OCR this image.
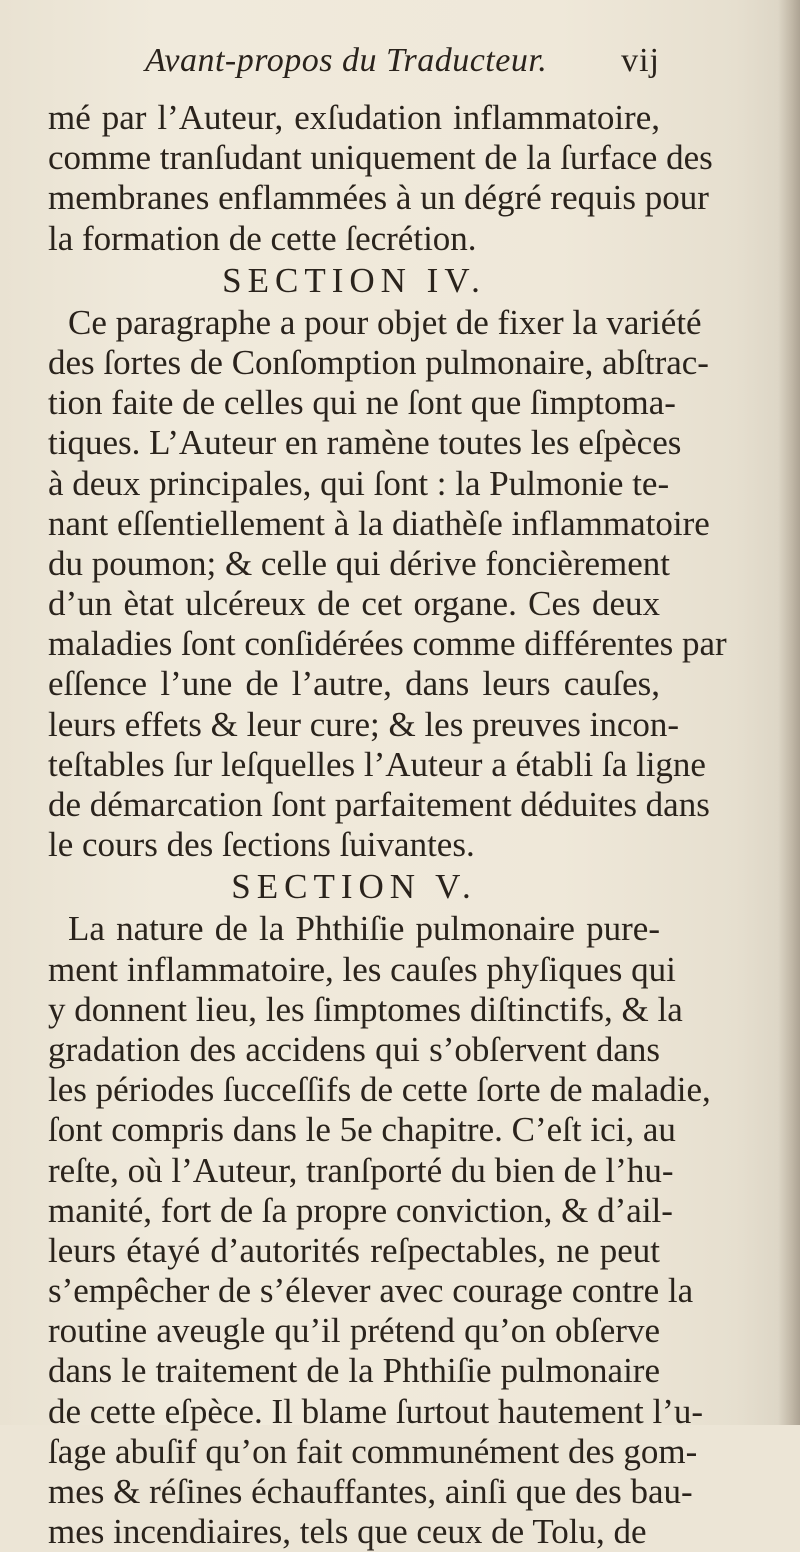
Avant-propos du Traducteur. vij
mé par l’Auteur, exſudation inflammatoire,
comme tranſudant uniquement de la ſurface des
membranes enflammées à un dégré requis pour
la formation de cette ſecrétion.
SECTION IV.
Ce paragraphe a pour objet de fixer la variété
des ſortes de Conſomption pulmonaire, abſtrac-
tion faite de celles qui ne ſont que ſimptoma-
tiques. L’Auteur en ramène toutes les eſpèces
à deux principales, qui ſont : la Pulmonie te-
nant eſſentiellement à la diathèſe inflammatoire
du poumon; & celle qui dérive foncièrement
d’un ètat ulcéreux de cet organe. Ces deux
maladies ſont conſidérées comme différentes par
eſſence l’une de l’autre, dans leurs cauſes,
leurs effets & leur cure; & les preuves incon-
teſtables ſur leſquelles l’Auteur a établi ſa ligne
de démarcation ſont parfaitement déduites dans
le cours des ſections ſuivantes.
SECTION V.
La nature de la Phthiſie pulmonaire pure-
ment inflammatoire, les cauſes phyſiques qui
y donnent lieu, les ſimptomes diſtinctifs, & la
gradation des accidens qui s’obſervent dans
les périodes ſucceſſifs de cette ſorte de maladie,
ſont compris dans le 5e chapitre. C’eſt ici, au
reſte, où l’Auteur, tranſporté du bien de l’hu-
manité, fort de ſa propre conviction, & d’ail-
leurs étayé d’autorités reſpectables, ne peut
s’empêcher de s’élever avec courage contre la
routine aveugle qu’il prétend qu’on obſerve
dans le traitement de la Phthiſie pulmonaire
de cette eſpèce. Il blame ſurtout hautement l’u-
ſage abuſif qu’on fait communément des gom-
mes & réſines échauffantes, ainſi que des bau-
mes incendiaires, tels que ceux de Tolu, de
